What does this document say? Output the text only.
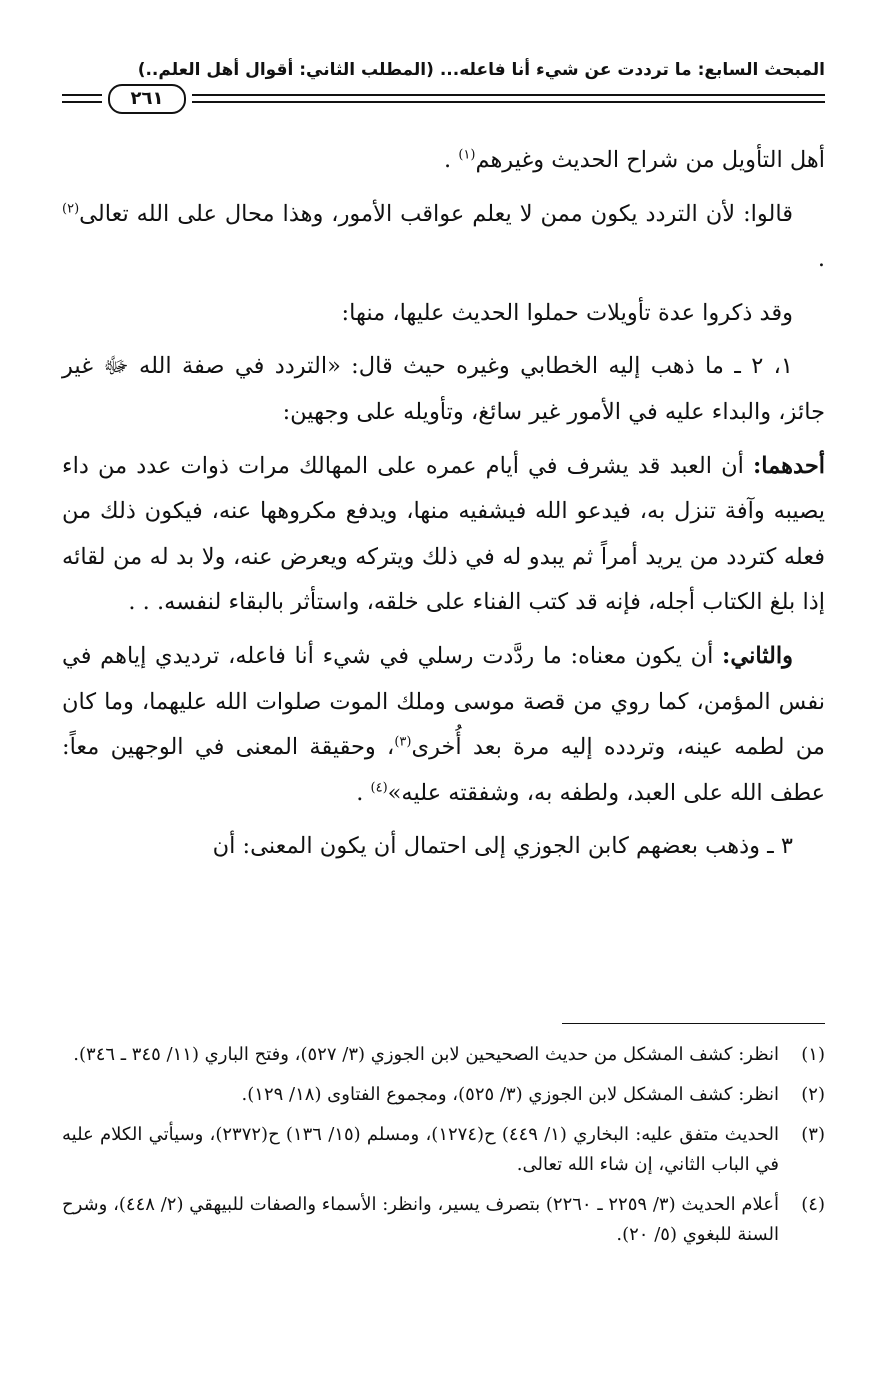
المبحث السابع: ما ترددت عن شيء أنا فاعله... (المطلب الثاني: أقوال أهل العلم..)
٢٦١

أهل التأويل من شراح الحديث وغيرهم$^{(١)}$ .

قالوا: لأن التردد يكون ممن لا يعلم عواقب الأمور، وهذا محال على الله تعالى$^{(٢)}$ .

وقد ذكروا عدة تأويلات حملوا الحديث عليها، منها:

١، ٢ ـ ما ذهب إليه الخطابي وغيره حيث قال: «التردد في صفة الله ﷻ غير جائز، والبداء عليه في الأمور غير سائغ، وتأويله على وجهين:

أحدهما: أن العبد قد يشرف في أيام عمره على المهالك مرات ذوات عدد من داء يصيبه وآفة تنزل به، فيدعو الله فيشفيه منها، ويدفع مكروهها عنه، فيكون ذلك من فعله كتردد من يريد أمراً ثم يبدو له في ذلك ويتركه ويعرض عنه، ولا بد له من لقائه إذا بلغ الكتاب أجله، فإنه قد كتب الفناء على خلقه، واستأثر بالبقاء لنفسه. . .

والثاني: أن يكون معناه: ما ردَّدت رسلي في شيء أنا فاعله، ترديدي إياهم في نفس المؤمن، كما روي من قصة موسى وملك الموت صلوات الله عليهما، وما كان من لطمه عينه، وتردده إليه مرة بعد أُخرى$^{(٣)}$، وحقيقة المعنى في الوجهين معاً: عطف الله على العبد، ولطفه به، وشفقته عليه»$^{(٤)}$ .

٣ ـ وذهب بعضهم كابن الجوزي إلى احتمال أن يكون المعنى: أن

(١)
انظر: كشف المشكل من حديث الصحيحين لابن الجوزي (٣/ ٥٢٧)، وفتح الباري (١١/ ٣٤٥ ـ ٣٤٦).
(٢)
انظر: كشف المشكل لابن الجوزي (٣/ ٥٢٥)، ومجموع الفتاوى (١٨/ ١٢٩).
(٣)
الحديث متفق عليه: البخاري (١/ ٤٤٩) ح(١٢٧٤)، ومسلم (١٥/ ١٣٦) ح(٢٣٧٢)، وسيأتي الكلام عليه في الباب الثاني، إن شاء الله تعالى.
(٤)
أعلام الحديث (٣/ ٢٢٥٩ ـ ٢٢٦٠) بتصرف يسير، وانظر: الأسماء والصفات للبيهقي (٢/ ٤٤٨)، وشرح السنة للبغوي (٥/ ٢٠).
